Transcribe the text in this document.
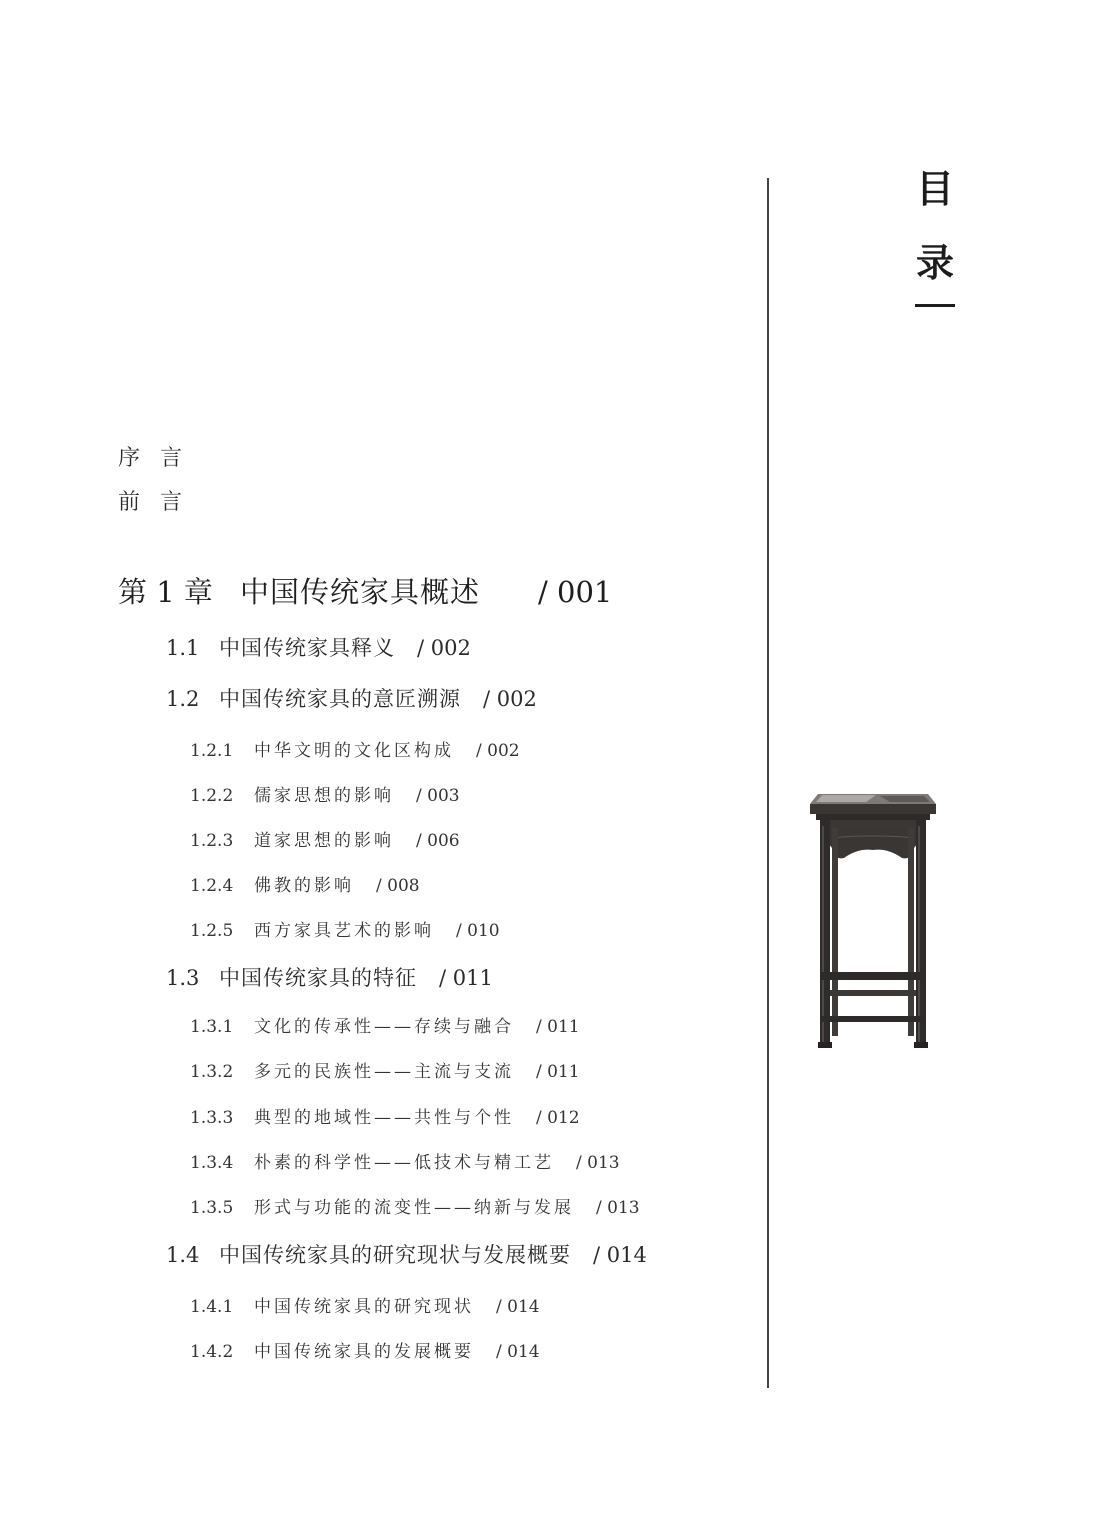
目
录
序言
前言
第 1 章 中国传统家具概述 / 001
1.1 中国传统家具释义 / 002
1.2 中国传统家具的意匠溯源 / 002
1.2.1 中华文明的文化区构成 / 002
1.2.2 儒家思想的影响 / 003
1.2.3 道家思想的影响 / 006
1.2.4 佛教的影响 / 008
1.2.5 西方家具艺术的影响 / 010
1.3 中国传统家具的特征 / 011
1.3.1 文化的传承性——存续与融合 / 011
1.3.2 多元的民族性——主流与支流 / 011
1.3.3 典型的地域性——共性与个性 / 012
1.3.4 朴素的科学性——低技术与精工艺 / 013
1.3.5 形式与功能的流变性——纳新与发展 / 013
1.4 中国传统家具的研究现状与发展概要 / 014
1.4.1 中国传统家具的研究现状 / 014
1.4.2 中国传统家具的发展概要 / 014
